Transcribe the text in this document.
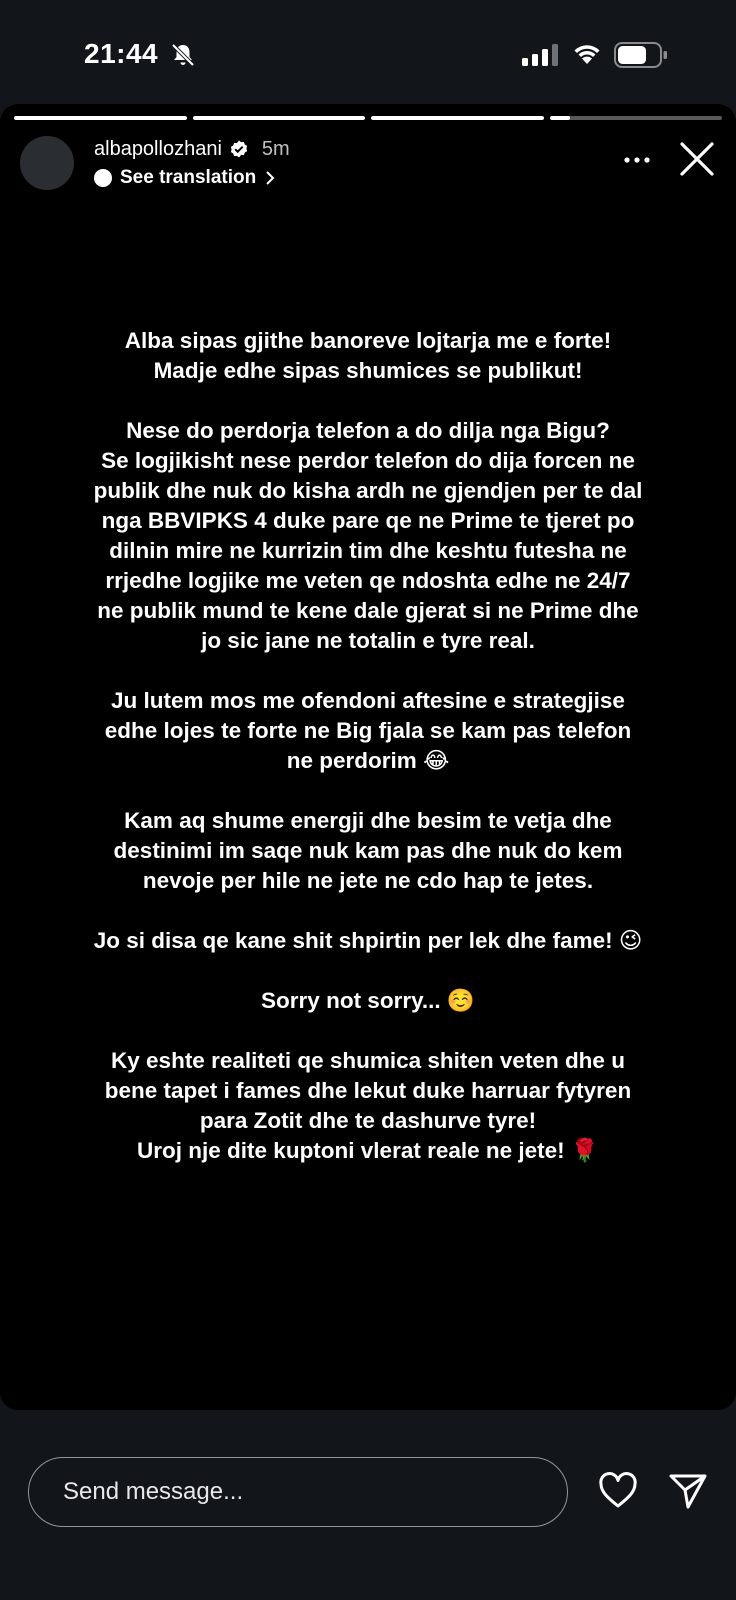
21:44
albapollozhani 5m
See translation
Alba sipas gjithe banoreve lojtarja me e forte!
Madje edhe sipas shumices se publikut!
Nese do perdorja telefon a do diljа nga Bigu?
Se logjikisht nese perdor telefon do dija forcen ne
publik dhe nuk do kisha ardh ne gjendjen per te dal
nga BBVIPKS 4 duke pare qe ne Prime te tjeret po
dilnin mire ne kurrizin tim dhe keshtu futesha ne
rrjedhe logjike me veten qe ndoshta edhe ne 24/7
ne publik mund te kene dale gjerat si ne Prime dhe
jo sic jane ne totalin e tyre real.
Ju lutem mos me ofendoni aftesine e strategjise
edhe lojes te forte ne Big fjala se kam pas telefon
ne perdorim 😂
Kam aq shume energji dhe besim te vetja dhe
destinimi im saqe nuk kam pas dhe nuk do kem
nevoje per hile ne jete ne cdo hap te jetes.
Jo si disa qe kane shit shpirtin per lek dhe fame! 😉
Sorry not sorry... ☺️
Ky eshte realiteti qe shumica shiten veten dhe u
bene tapet i fames dhe lekut duke harruar fytyren
para Zotit dhe te dashurve tyre!
Uroj nje dite kuptoni vlerat reale ne jete! 🌹
Send message...
